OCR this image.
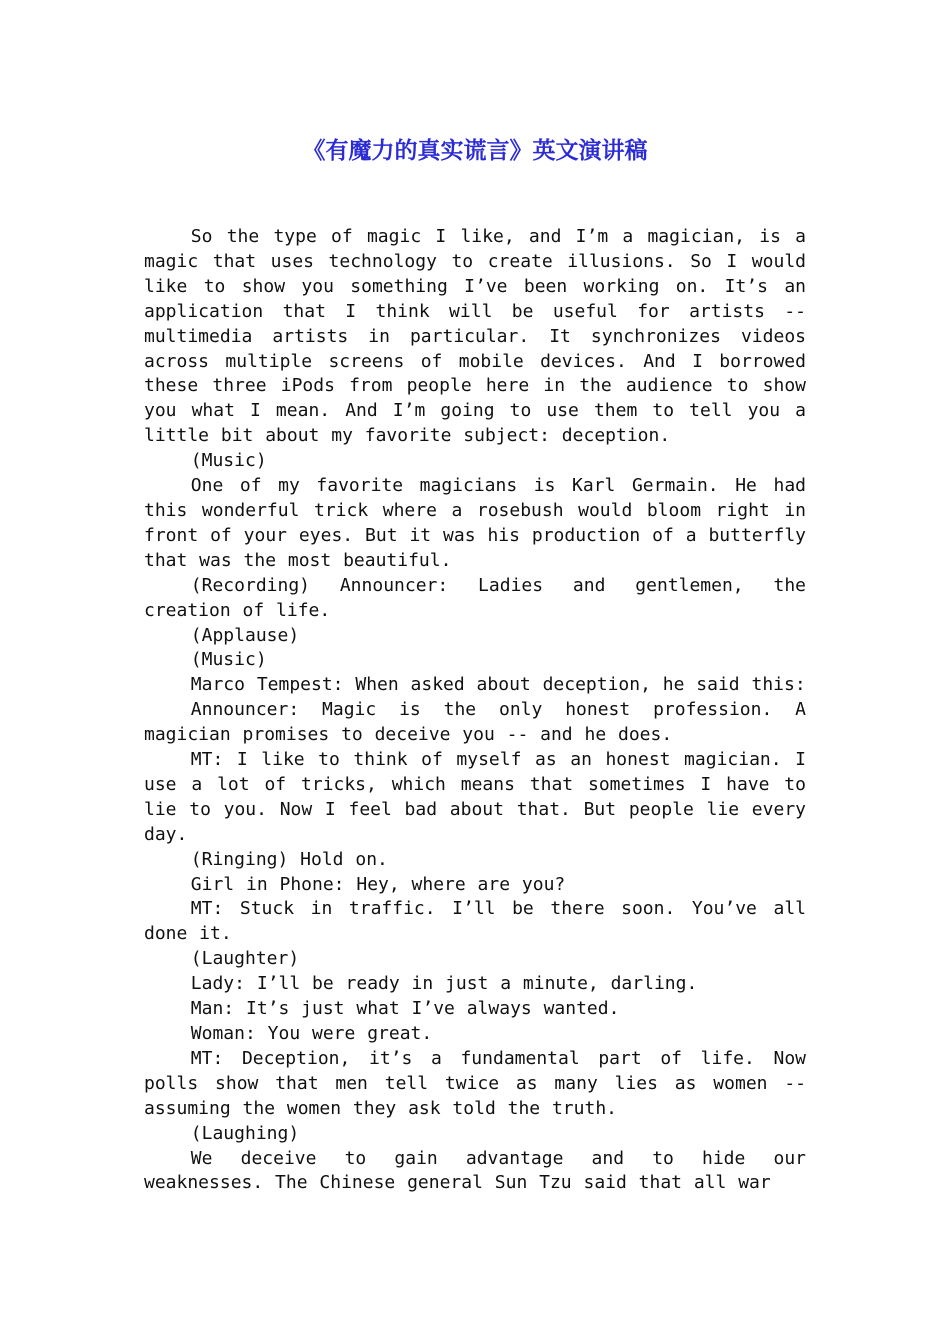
《有魔力的真实谎言》英文演讲稿

So the type of magic I like, and I’m a magician, is a magic that uses technology to create illusions. So I would like to show you something I’ve been working on. It’s an application that I think will be useful for artists -- multimedia artists in particular. It synchronizes videos across multiple screens of mobile devices. And I borrowed these three iPods from people here in the audience to show you what I mean. And I’m going to use them to tell you a little bit about my favorite subject: deception.

(Music)

One of my favorite magicians is Karl Germain. He had this wonderful trick where a rosebush would bloom right in front of your eyes. But it was his production of a butterfly that was the most beautiful.

(Recording) Announcer: Ladies and gentlemen, the creation of life.

(Applause)

(Music)

Marco Tempest: When asked about deception, he said this:

Announcer: Magic is the only honest profession. A magician promises to deceive you -- and he does.

MT: I like to think of myself as an honest magician. I use a lot of tricks, which means that sometimes I have to lie to you. Now I feel bad about that. But people lie every day.

(Ringing) Hold on.

Girl in Phone: Hey, where are you?

MT: Stuck in traffic. I’ll be there soon. You’ve all done it.

(Laughter)

Lady: I’ll be ready in just a minute, darling.

Man: It’s just what I’ve always wanted.

Woman: You were great.

MT: Deception, it’s a fundamental part of life. Now polls show that men tell twice as many lies as women -- assuming the women they ask told the truth.

(Laughing)

We deceive to gain advantage and to hide our weaknesses. The Chinese general Sun Tzu said that all war
